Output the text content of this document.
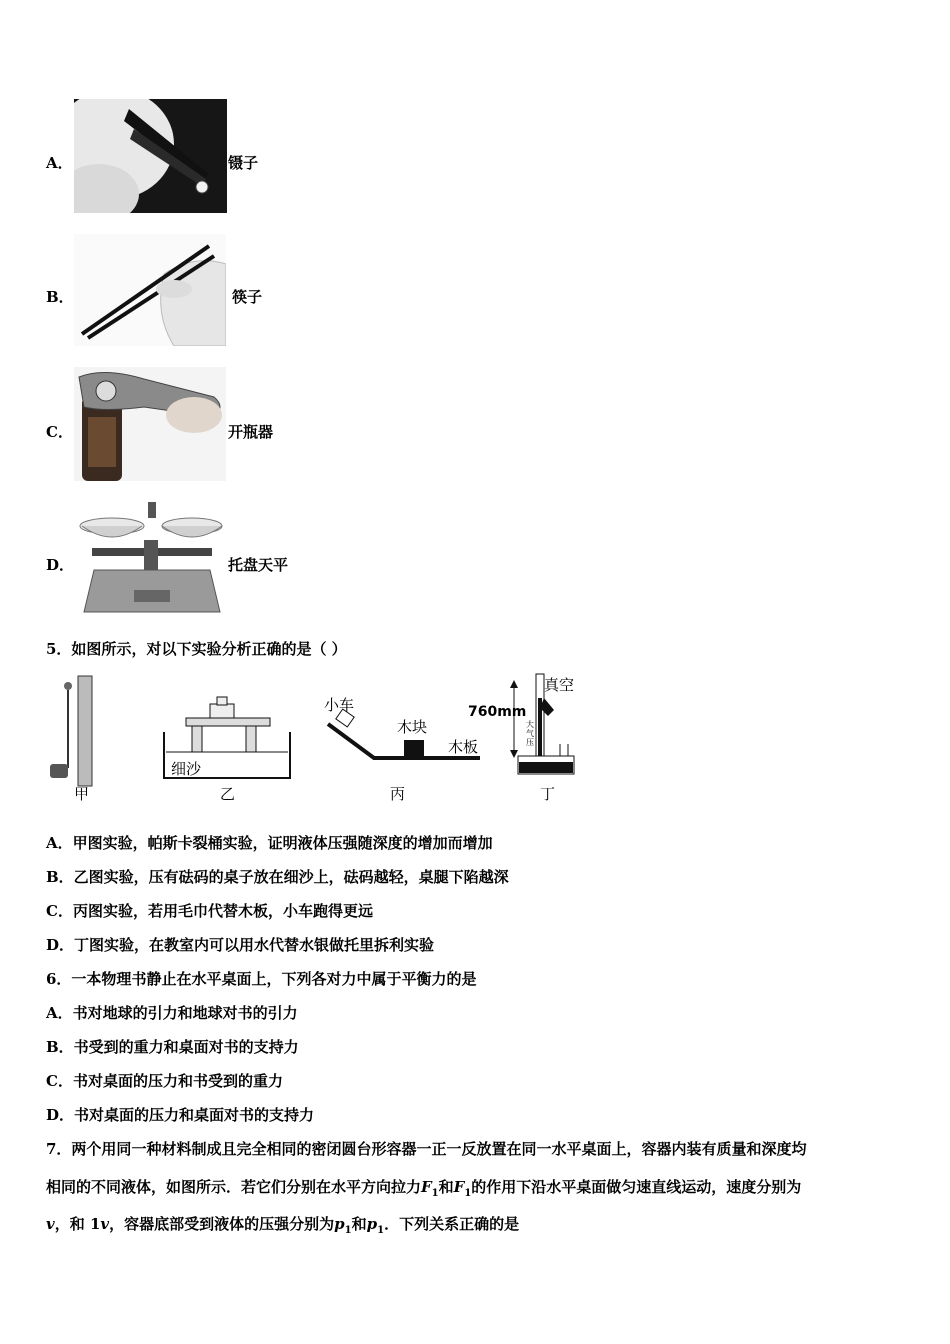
A．	镊子
B．	筷子
C．	开瓶器
D．	托盘天平
5．如图所示，对以下实验分析正确的是（ ）
细沙
小车
木块
木板
真空
760mm
大气压
甲	乙	丙	丁
A．甲图实验，帕斯卡裂桶实验，证明液体压强随深度的增加而增加
B．乙图实验，压有砝码的桌子放在细沙上，砝码越轻，桌腿下陷越深
C．丙图实验，若用毛巾代替木板，小车跑得更远
D．丁图实验，在教室内可以用水代替水银做托里拆利实验
6．一本物理书静止在水平桌面上，下列各对力中属于平衡力的是
A．书对地球的引力和地球对书的引力
B．书受到的重力和桌面对书的支持力
C．书对桌面的压力和书受到的重力
D．书对桌面的压力和桌面对书的支持力
7．两个用同一种材料制成且完全相同的密闭圆台形容器一正一反放置在同一水平桌面上，容器内装有质量和深度均
相同的不同液体，如图所示．若它们分别在水平方向拉力$F_1$和$F_1$的作用下沿水平桌面做匀速直线运动，速度分别为
v，和 1v，容器底部受到液体的压强分别为$p_1$和$p_1$．下列关系正确的是
